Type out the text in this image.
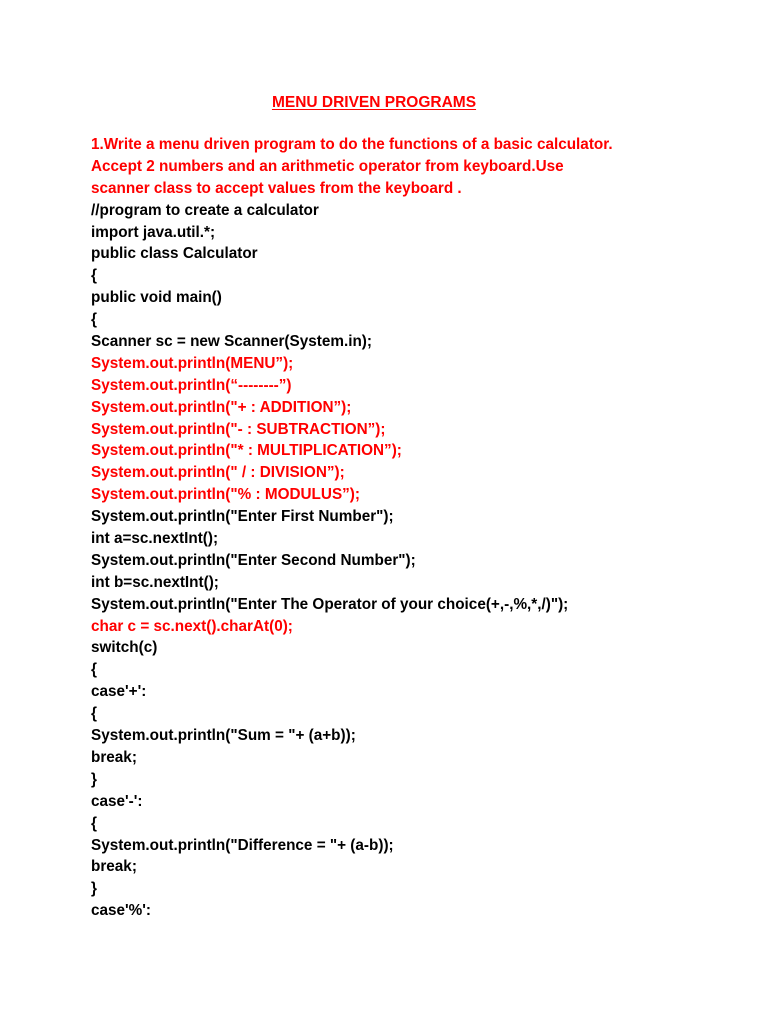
MENU DRIVEN PROGRAMS
1.Write a menu driven program to do the functions of a basic calculator.
Accept 2 numbers and an arithmetic operator from keyboard.Use
scanner class to accept values from the keyboard .
//program to create a calculator
import java.util.*;
public class Calculator
{
public void main()
{
Scanner sc = new Scanner(System.in);
System.out.println(MENU”);
System.out.println(“--------”)
System.out.println("+ : ADDITION”);
System.out.println("- : SUBTRACTION”);
System.out.println("* : MULTIPLICATION”);
System.out.println(" / : DIVISION”);
System.out.println("% : MODULUS”);
System.out.println("Enter First Number");
int a=sc.nextInt();
System.out.println("Enter Second Number");
int b=sc.nextInt();
System.out.println("Enter The Operator of your choice(+,-,%,*,/)");
char c = sc.next().charAt(0);
switch(c)
{
case'+':
{
System.out.println("Sum = "+ (a+b));
break;
}
case'-':
{
System.out.println("Difference = "+ (a-b));
break;
}
case'%':
